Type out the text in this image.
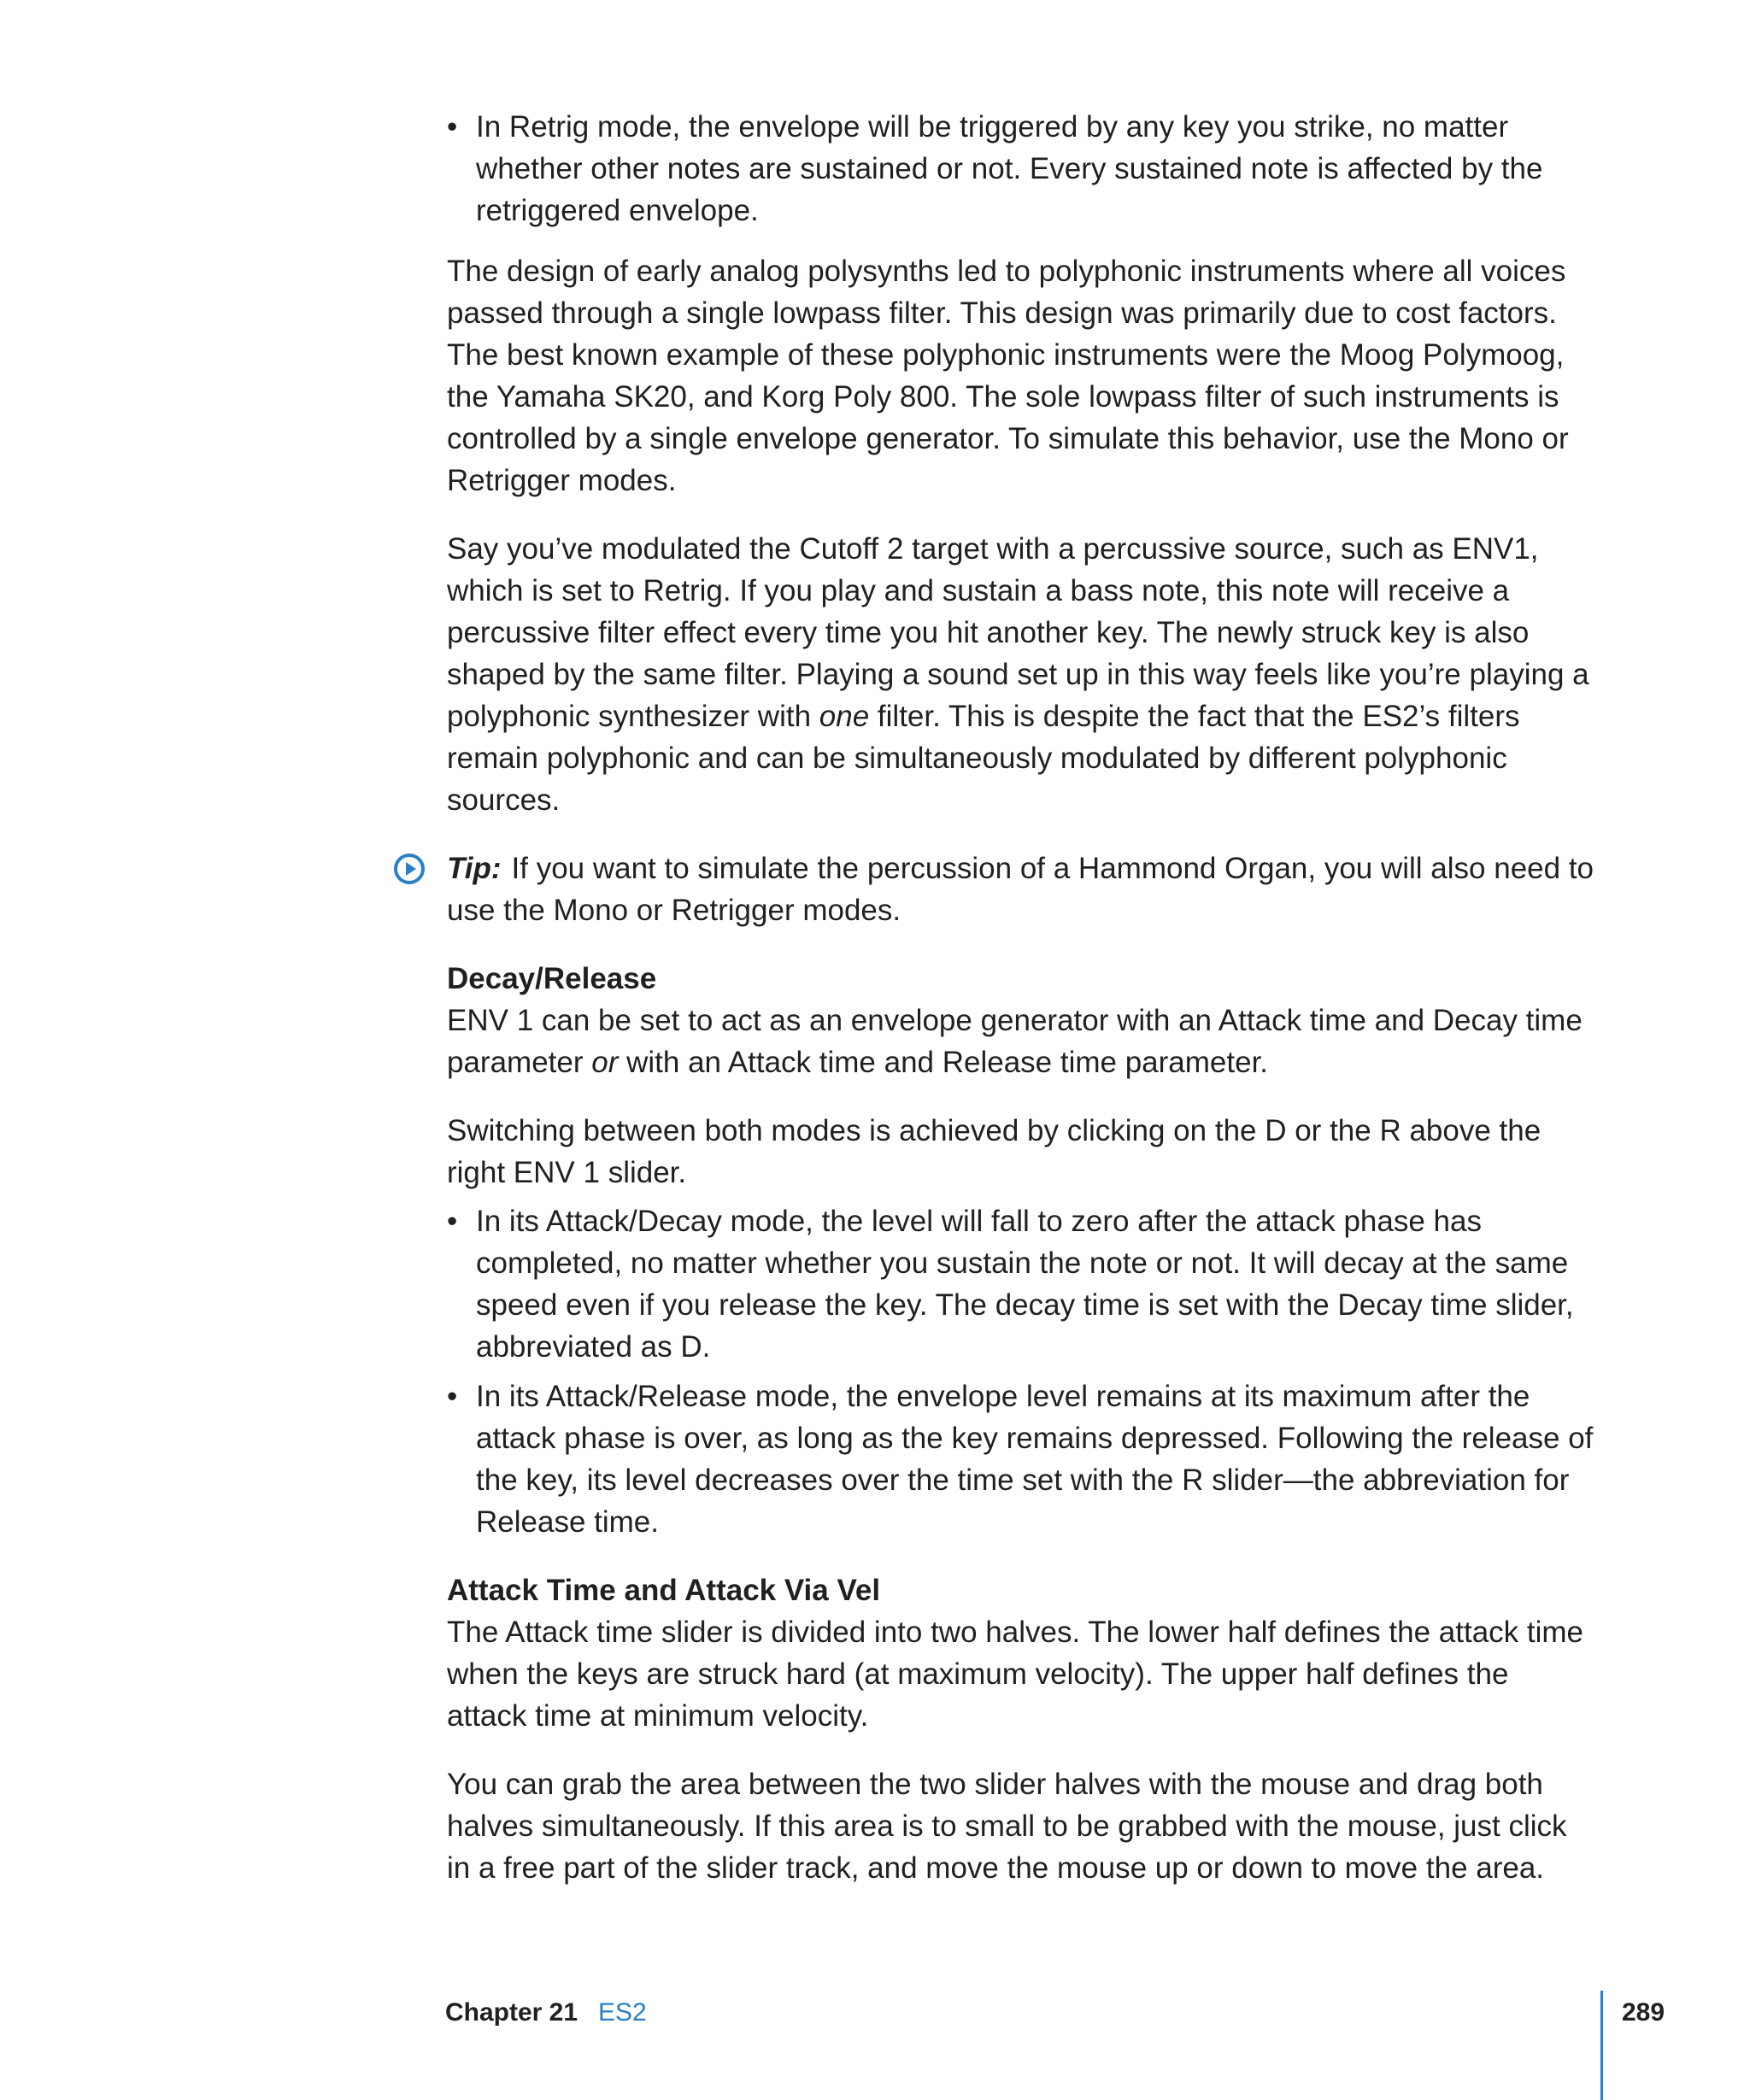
• In Retrig mode, the envelope will be triggered by any key you strike, no matter whether other notes are sustained or not. Every sustained note is affected by the retriggered envelope.

The design of early analog polysynths led to polyphonic instruments where all voices passed through a single lowpass filter. This design was primarily due to cost factors. The best known example of these polyphonic instruments were the Moog Polymoog, the Yamaha SK20, and Korg Poly 800. The sole lowpass filter of such instruments is controlled by a single envelope generator. To simulate this behavior, use the Mono or Retrigger modes.

Say you’ve modulated the Cutoff 2 target with a percussive source, such as ENV1, which is set to Retrig. If you play and sustain a bass note, this note will receive a percussive filter effect every time you hit another key. The newly struck key is also shaped by the same filter. Playing a sound set up in this way feels like you’re playing a polyphonic synthesizer with one filter. This is despite the fact that the ES2’s filters remain polyphonic and can be simultaneously modulated by different polyphonic sources.

Tip: If you want to simulate the percussion of a Hammond Organ, you will also need to use the Mono or Retrigger modes.
Decay/Release

ENV 1 can be set to act as an envelope generator with an Attack time and Decay time parameter or with an Attack time and Release time parameter.

Switching between both modes is achieved by clicking on the D or the R above the right ENV 1 slider.

• In its Attack/Decay mode, the level will fall to zero after the attack phase has completed, no matter whether you sustain the note or not. It will decay at the same speed even if you release the key. The decay time is set with the Decay time slider, abbreviated as D.
• In its Attack/Release mode, the envelope level remains at its maximum after the attack phase is over, as long as the key remains depressed. Following the release of the key, its level decreases over the time set with the R slider—the abbreviation for Release time.
Attack Time and Attack Via Vel

The Attack time slider is divided into two halves. The lower half defines the attack time when the keys are struck hard (at maximum velocity). The upper half defines the attack time at minimum velocity.

You can grab the area between the two slider halves with the mouse and drag both halves simultaneously. If this area is to small to be grabbed with the mouse, just click in a free part of the slider track, and move the mouse up or down to move the area.

Chapter 21 ES2	289
